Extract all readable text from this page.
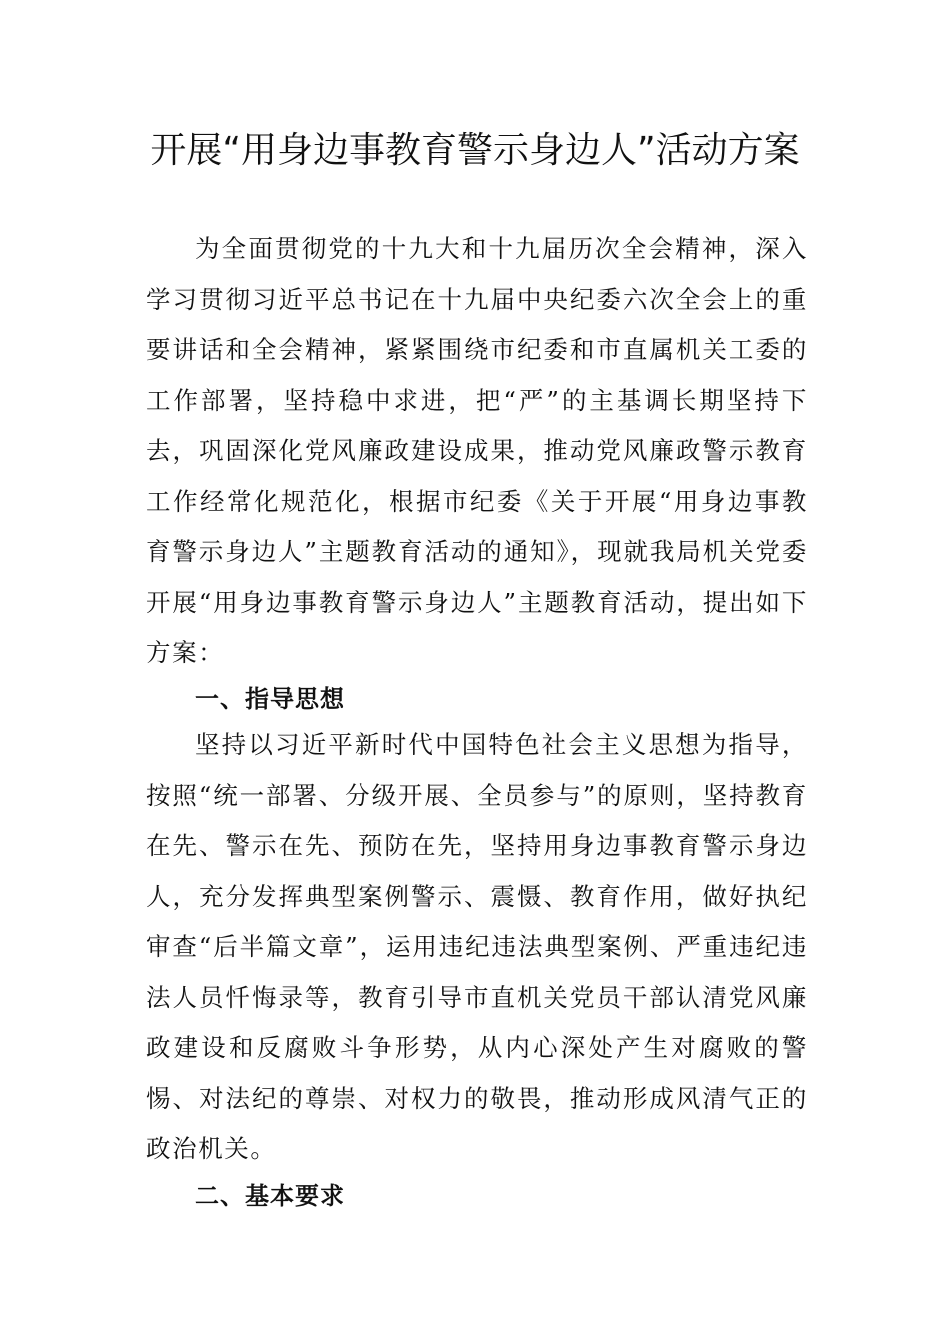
开展“用身边事教育警示身边人”活动方案

为全面贯彻党的十九大和十九届历次全会精神，深入学习贯彻习近平总书记在十九届中央纪委六次全会上的重要讲话和全会精神，紧紧围绕市纪委和市直属机关工委的工作部署，坚持稳中求进，把“严”的主基调长期坚持下去，巩固深化党风廉政建设成果，推动党风廉政警示教育工作经常化规范化，根据市纪委《关于开展“用身边事教育警示身边人”主题教育活动的通知》，现就我局机关党委开展“用身边事教育警示身边人”主题教育活动，提出如下方案：

一、指导思想

坚持以习近平新时代中国特色社会主义思想为指导，按照“统一部署、分级开展、全员参与”的原则，坚持教育在先、警示在先、预防在先，坚持用身边事教育警示身边人，充分发挥典型案例警示、震慑、教育作用，做好执纪审查“后半篇文章”，运用违纪违法典型案例、严重违纪违法人员忏悔录等，教育引导市直机关党员干部认清党风廉政建设和反腐败斗争形势，从内心深处产生对腐败的警惕、对法纪的尊崇、对权力的敬畏，推动形成风清气正的政治机关。

二、基本要求
